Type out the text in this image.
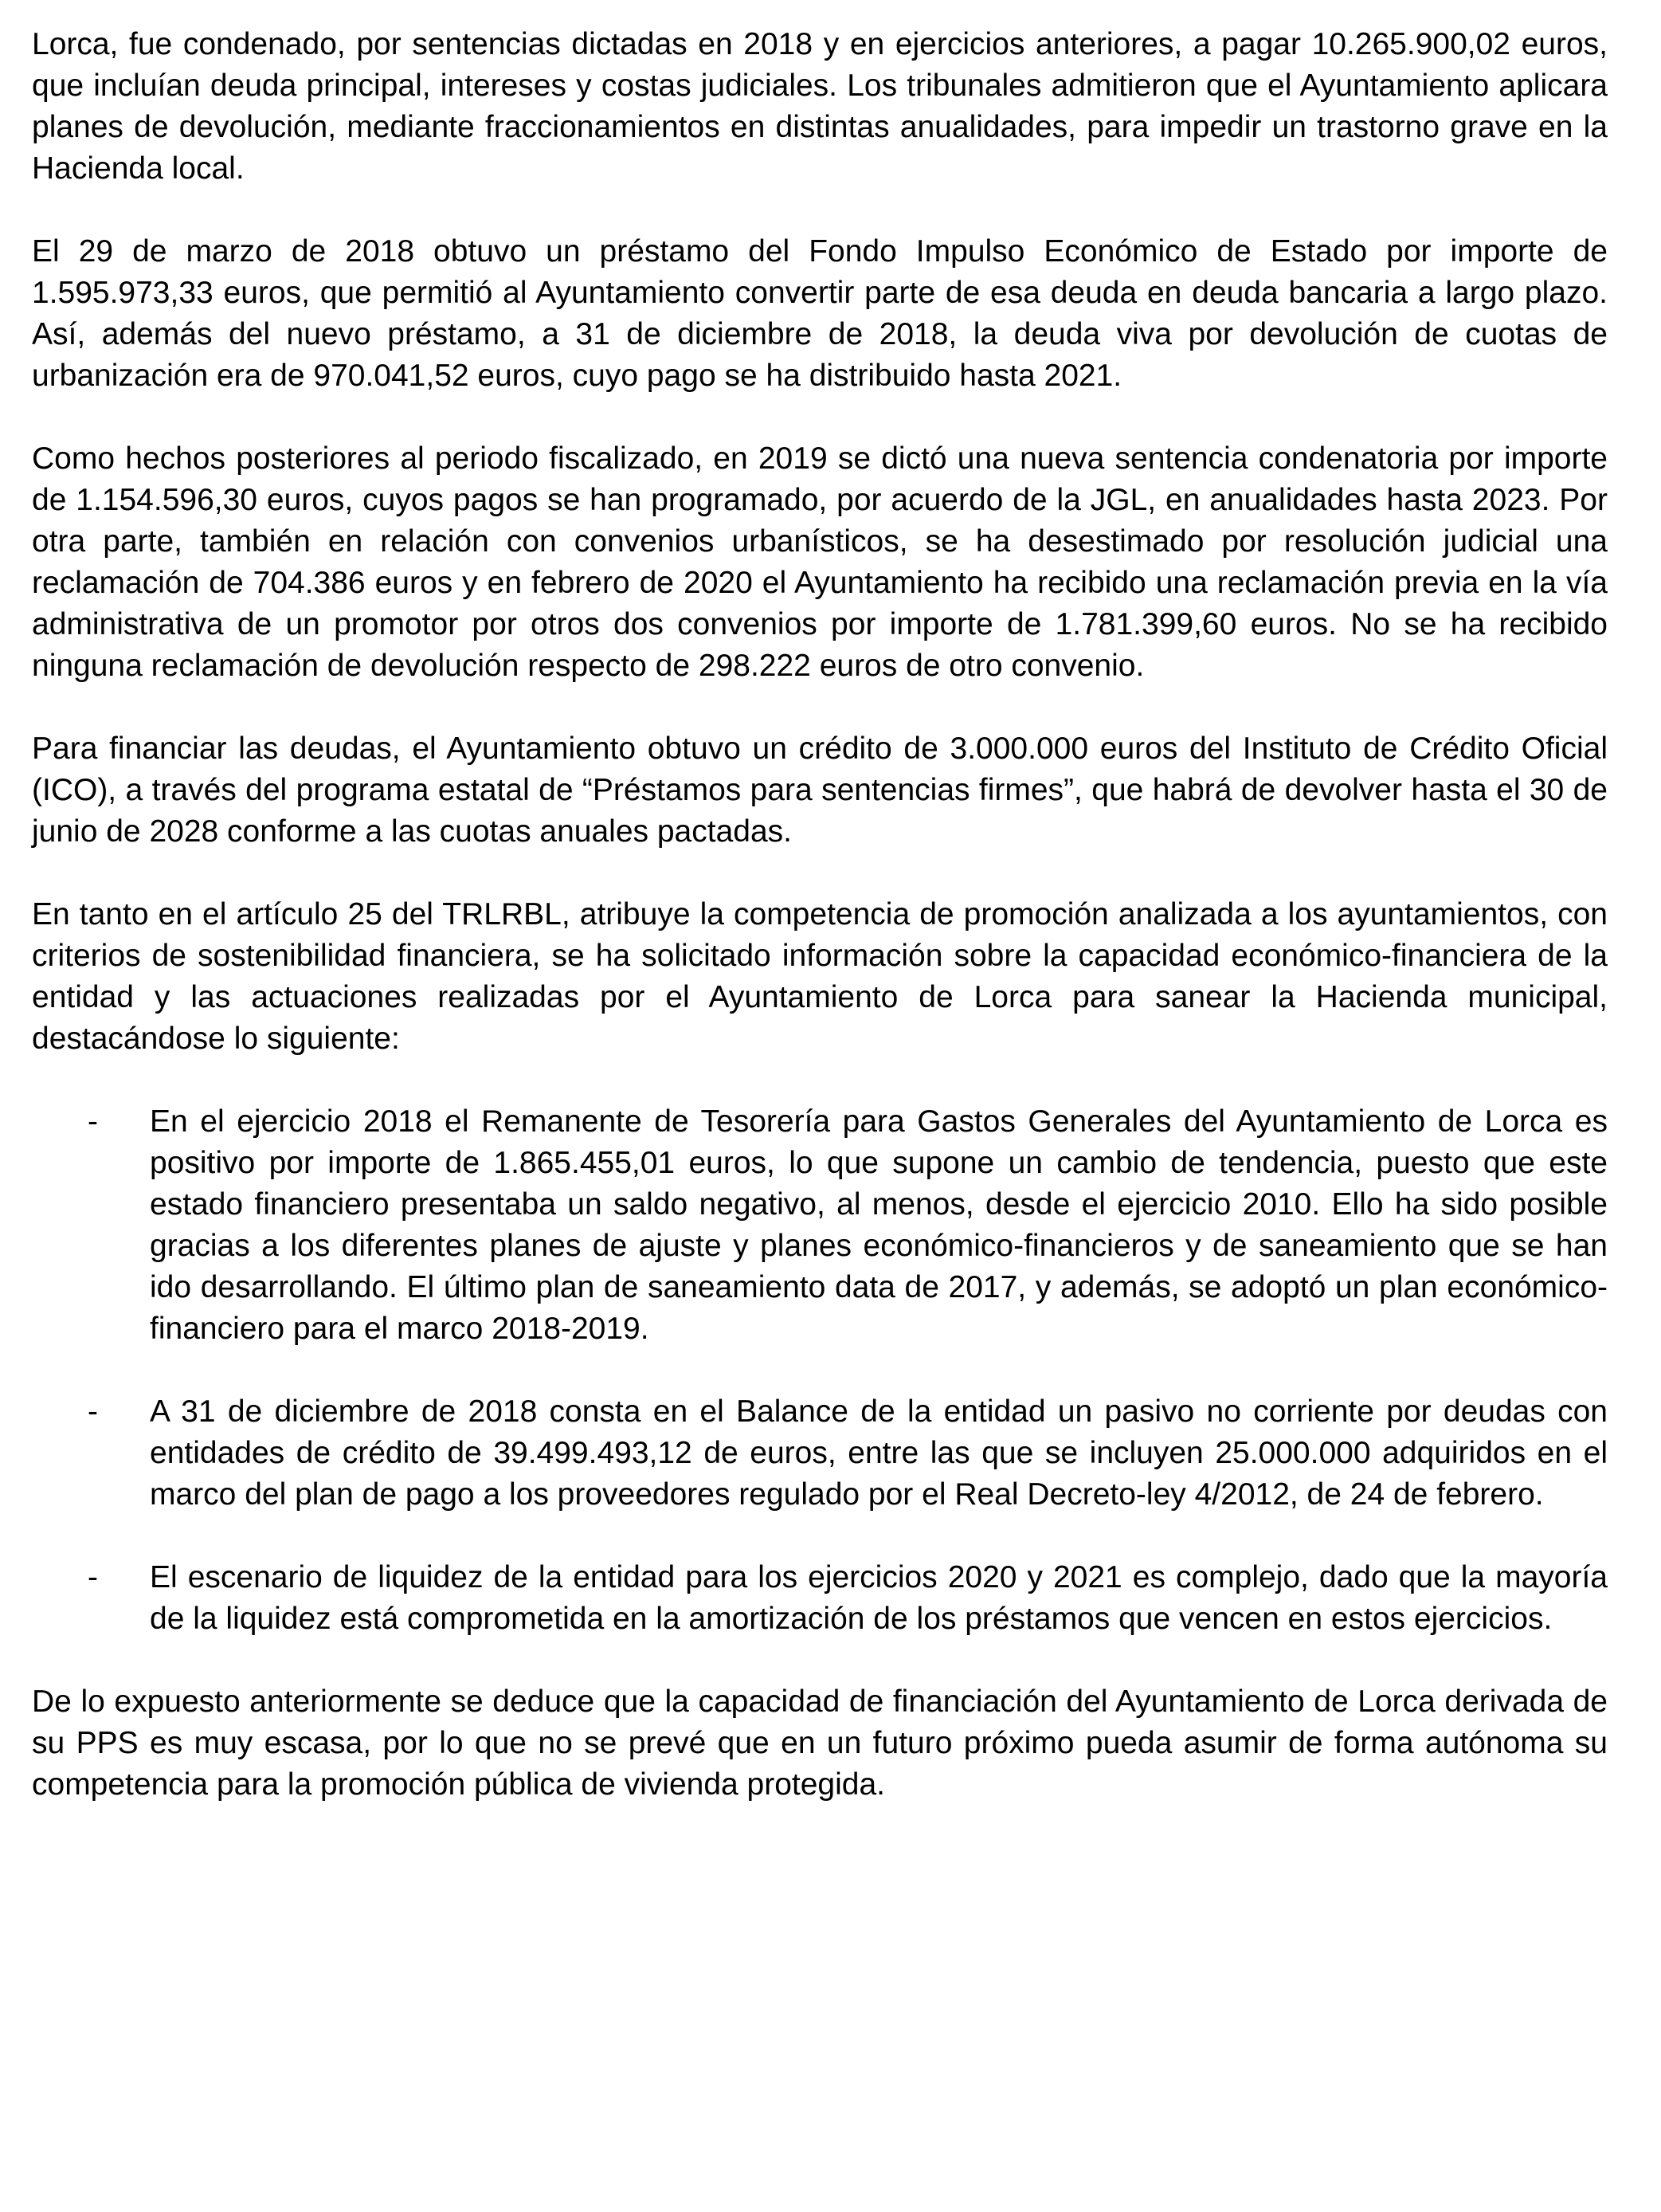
Lorca, fue condenado, por sentencias dictadas en 2018 y en ejercicios anteriores, a pagar 10.265.900,02 euros, que incluían deuda principal, intereses y costas judiciales. Los tribunales admitieron que el Ayuntamiento aplicara planes de devolución, mediante fraccionamientos en distintas anualidades, para impedir un trastorno grave en la Hacienda local.

El 29 de marzo de 2018 obtuvo un préstamo del Fondo Impulso Económico de Estado por importe de 1.595.973,33 euros, que permitió al Ayuntamiento convertir parte de esa deuda en deuda bancaria a largo plazo. Así, además del nuevo préstamo, a 31 de diciembre de 2018, la deuda viva por devolución de cuotas de urbanización era de 970.041,52 euros, cuyo pago se ha distribuido hasta 2021.

Como hechos posteriores al periodo fiscalizado, en 2019 se dictó una nueva sentencia condenatoria por importe de 1.154.596,30 euros, cuyos pagos se han programado, por acuerdo de la JGL, en anualidades hasta 2023. Por otra parte, también en relación con convenios urbanísticos, se ha desestimado por resolución judicial una reclamación de 704.386 euros y en febrero de 2020 el Ayuntamiento ha recibido una reclamación previa en la vía administrativa de un promotor por otros dos convenios por importe de 1.781.399,60 euros. No se ha recibido ninguna reclamación de devolución respecto de 298.222 euros de otro convenio.

Para financiar las deudas, el Ayuntamiento obtuvo un crédito de 3.000.000 euros del Instituto de Crédito Oficial (ICO), a través del programa estatal de “Préstamos para sentencias firmes”, que habrá de devolver hasta el 30 de junio de 2028 conforme a las cuotas anuales pactadas.

En tanto en el artículo 25 del TRLRBL, atribuye la competencia de promoción analizada a los ayuntamientos, con criterios de sostenibilidad financiera, se ha solicitado información sobre la capacidad económico-financiera de la entidad y las actuaciones realizadas por el Ayuntamiento de Lorca para sanear la Hacienda municipal, destacándose lo siguiente:

-	En el ejercicio 2018 el Remanente de Tesorería para Gastos Generales del Ayuntamiento de Lorca es positivo por importe de 1.865.455,01 euros, lo que supone un cambio de tendencia, puesto que este estado financiero presentaba un saldo negativo, al menos, desde el ejercicio 2010. Ello ha sido posible gracias a los diferentes planes de ajuste y planes económico-financieros y de saneamiento que se han ido desarrollando. El último plan de saneamiento data de 2017, y además, se adoptó un plan económico-financiero para el marco 2018-2019.
-	A 31 de diciembre de 2018 consta en el Balance de la entidad un pasivo no corriente por deudas con entidades de crédito de 39.499.493,12 de euros, entre las que se incluyen 25.000.000 adquiridos en el marco del plan de pago a los proveedores regulado por el Real Decreto-ley 4/2012, de 24 de febrero.
-	El escenario de liquidez de la entidad para los ejercicios 2020 y 2021 es complejo, dado que la mayoría de la liquidez está comprometida en la amortización de los préstamos que vencen en estos ejercicios.

De lo expuesto anteriormente se deduce que la capacidad de financiación del Ayuntamiento de Lorca derivada de su PPS es muy escasa, por lo que no se prevé que en un futuro próximo pueda asumir de forma autónoma su competencia para la promoción pública de vivienda protegida.
